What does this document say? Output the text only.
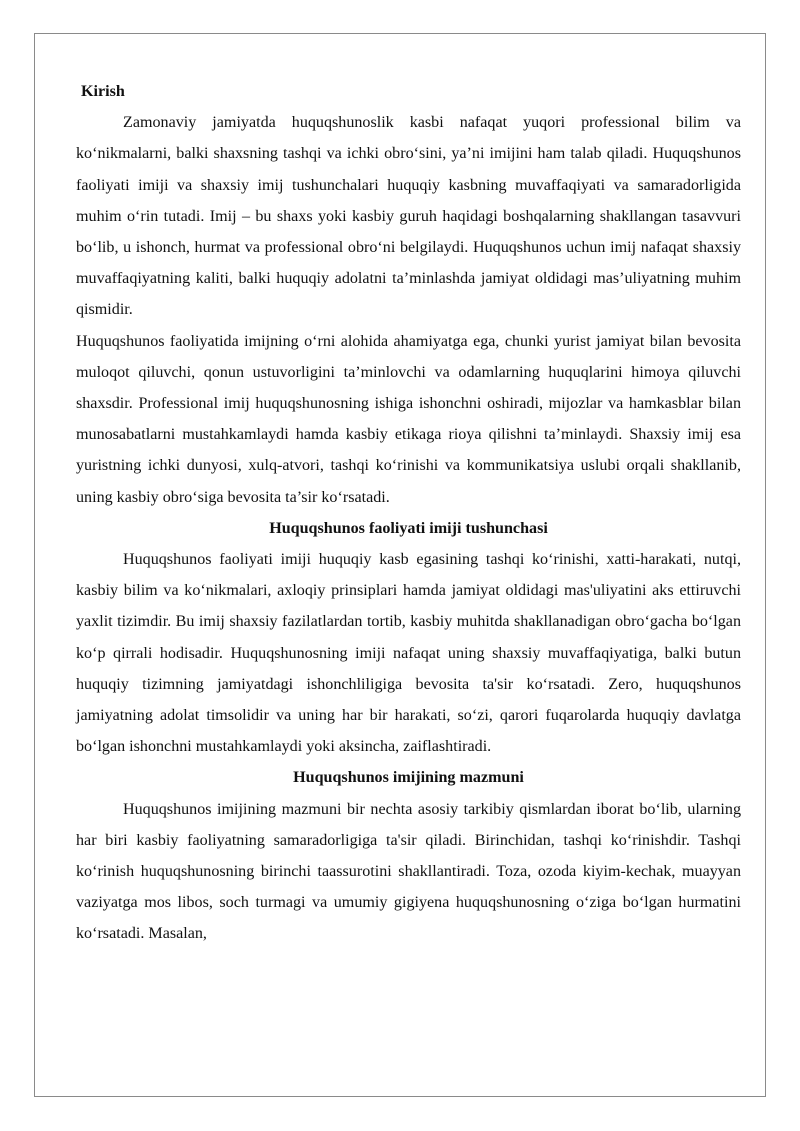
Kirish

Zamonaviy jamiyatda huquqshunoslik kasbi nafaqat yuqori professional bilim va ko‘nikmalarni, balki shaxsning tashqi va ichki obro‘sini, ya’ni imijini ham talab qiladi. Huquqshunos faoliyati imiji va shaxsiy imij tushunchalari huquqiy kasbning muvaffaqiyati va samaradorligida muhim o‘rin tutadi. Imij – bu shaxs yoki kasbiy guruh haqidagi boshqalarning shakllangan tasavvuri bo‘lib, u ishonch, hurmat va professional obro‘ni belgilaydi. Huquqshunos uchun imij nafaqat shaxsiy muvaffaqiyatning kaliti, balki huquqiy adolatni ta’minlashda jamiyat oldidagi mas’uliyatning muhim qismidir.

Huquqshunos faoliyatida imijning o‘rni alohida ahamiyatga ega, chunki yurist jamiyat bilan bevosita muloqot qiluvchi, qonun ustuvorligini ta’minlovchi va odamlarning huquqlarini himoya qiluvchi shaxsdir. Professional imij huquqshunosning ishiga ishonchni oshiradi, mijozlar va hamkasblar bilan munosabatlarni mustahkamlaydi hamda kasbiy etikaga rioya qilishni ta’minlaydi. Shaxsiy imij esa yuristning ichki dunyosi, xulq-atvori, tashqi ko‘rinishi va kommunikatsiya uslubi orqali shakllanib, uning kasbiy obro‘siga bevosita ta’sir ko‘rsatadi.

Huquqshunos faoliyati imiji tushunchasi

Huquqshunos faoliyati imiji huquqiy kasb egasining tashqi ko‘rinishi, xatti-harakati, nutqi, kasbiy bilim va ko‘nikmalari, axloqiy prinsiplari hamda jamiyat oldidagi mas'uliyatini aks ettiruvchi yaxlit tizimdir. Bu imij shaxsiy fazilatlardan tortib, kasbiy muhitda shakllanadigan obro‘gacha bo‘lgan ko‘p qirrali hodisadir. Huquqshunosning imiji nafaqat uning shaxsiy muvaffaqiyatiga, balki butun huquqiy tizimning jamiyatdagi ishonchliligiga bevosita ta'sir ko‘rsatadi. Zero, huquqshunos jamiyatning adolat timsolidir va uning har bir harakati, so‘zi, qarori fuqarolarda huquqiy davlatga bo‘lgan ishonchni mustahkamlaydi yoki aksincha, zaiflashtiradi.

Huquqshunos imijining mazmuni

Huquqshunos imijining mazmuni bir nechta asosiy tarkibiy qismlardan iborat bo‘lib, ularning har biri kasbiy faoliyatning samaradorligiga ta'sir qiladi. Birinchidan, tashqi ko‘rinishdir. Tashqi ko‘rinish huquqshunosning birinchi taassurotini shakllantiradi. Toza, ozoda kiyim-kechak, muayyan vaziyatga mos libos, soch turmagi va umumiy gigiyena huquqshunosning o‘ziga bo‘lgan hurmatini ko‘rsatadi. Masalan,
